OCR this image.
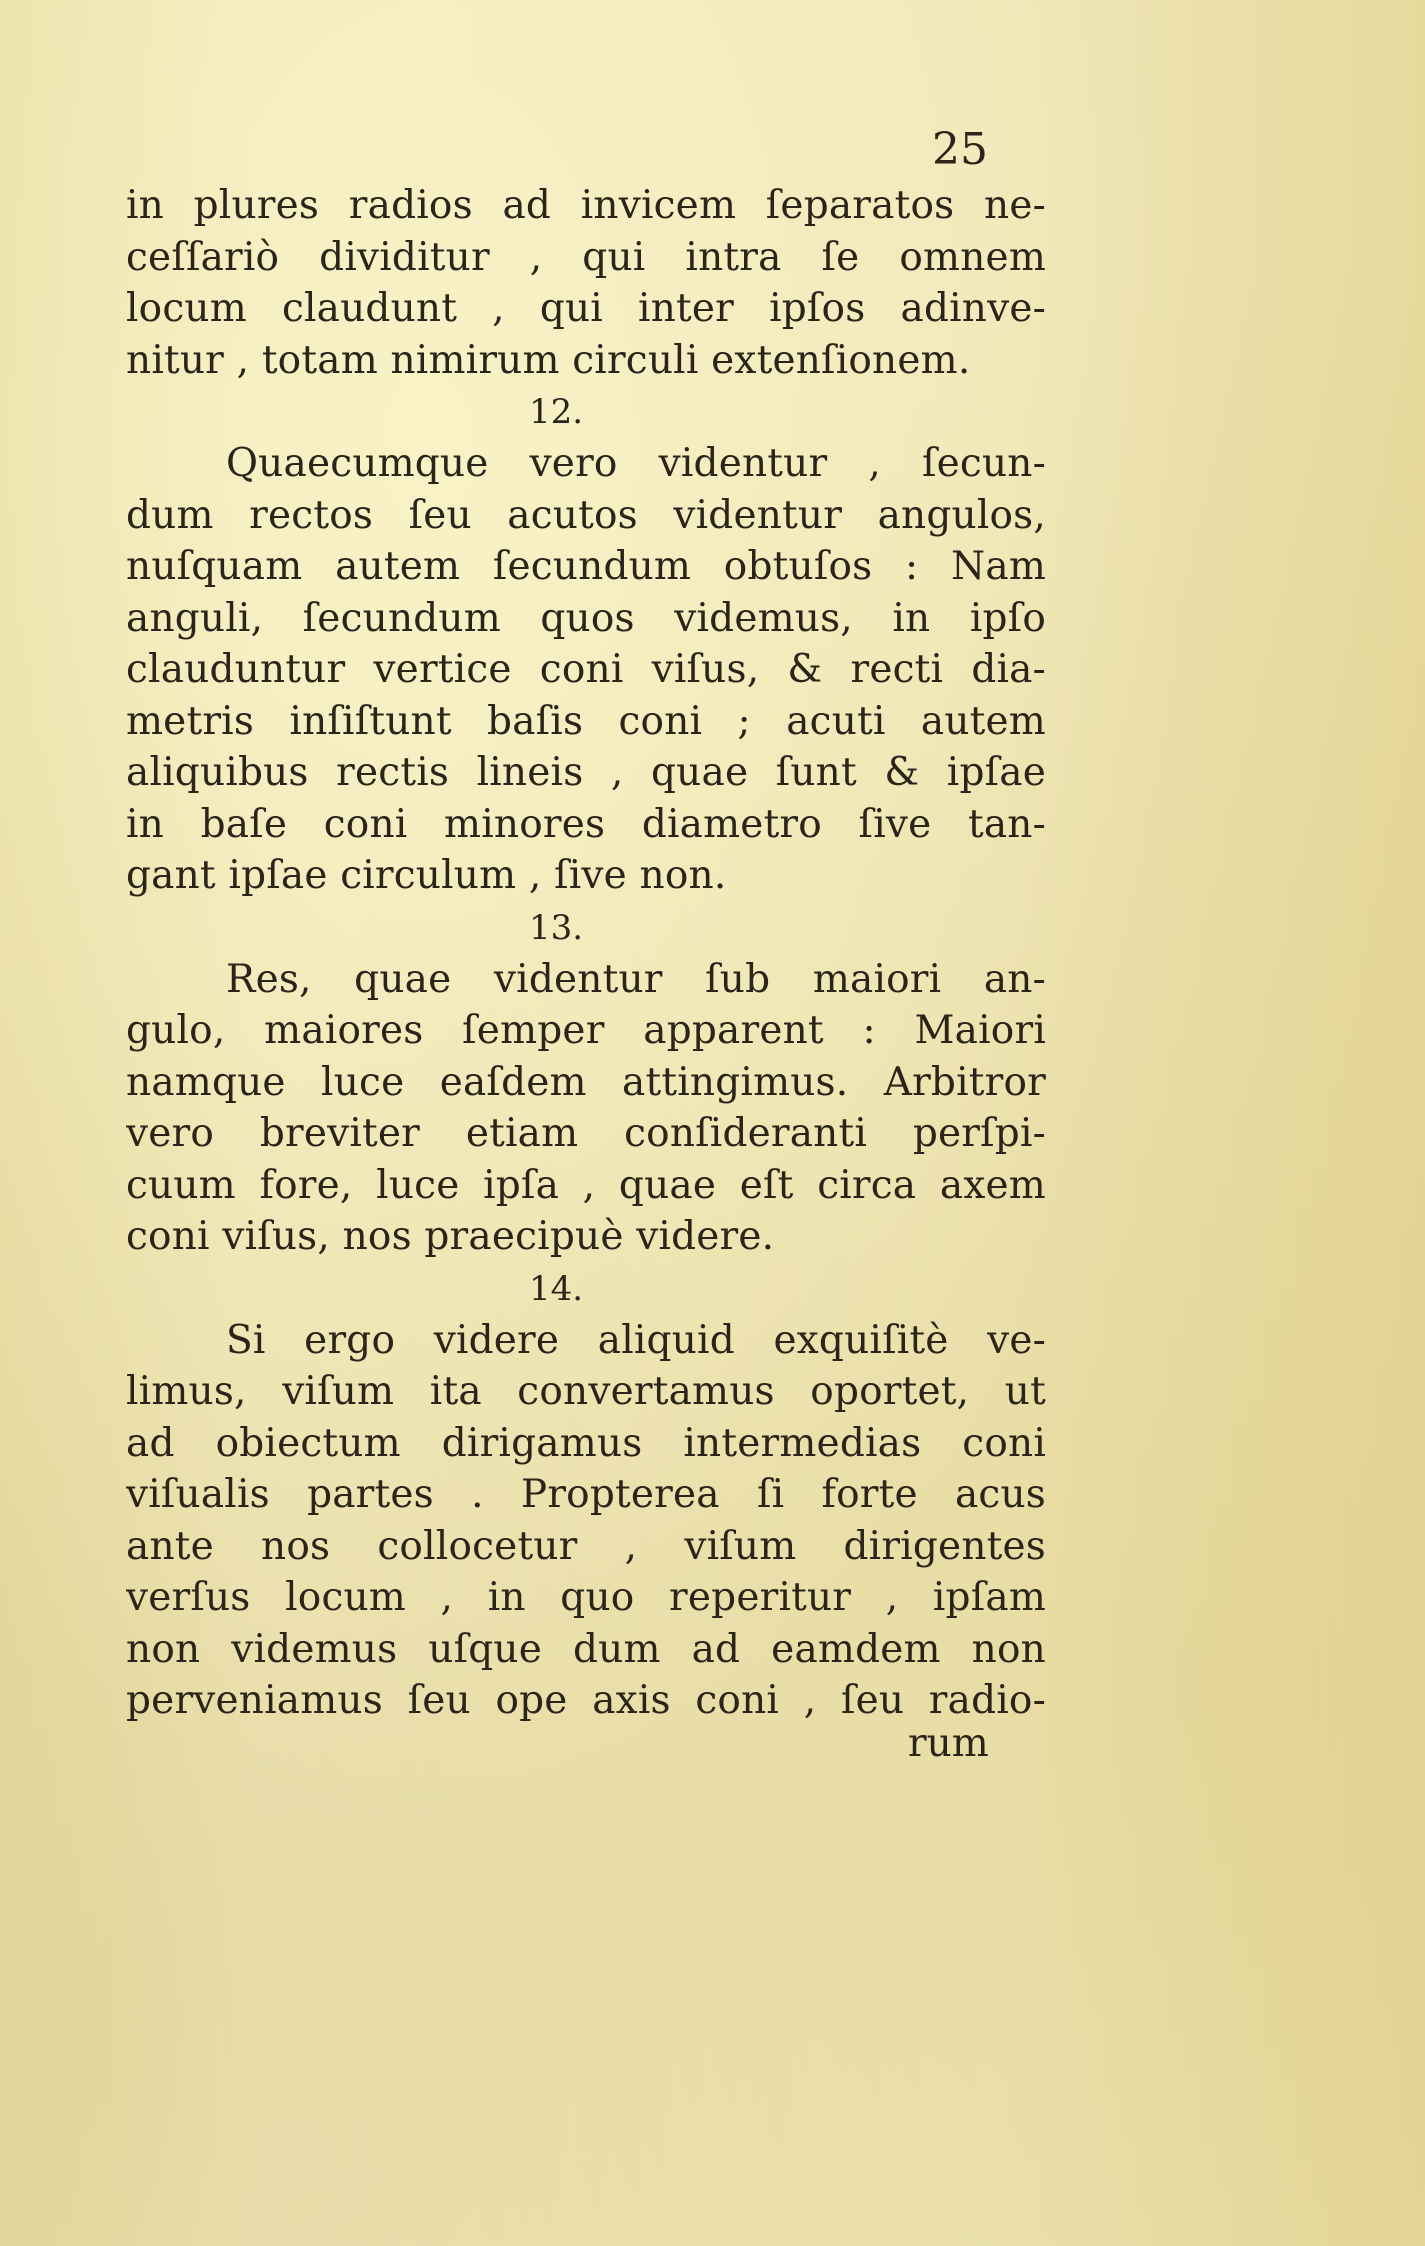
25

in plures radios ad invicem ſeparatos ne-
ceſſariò dividitur , qui intra ſe omnem
locum claudunt , qui inter ipſos adinve-
nitur , totam nimirum circuli extenſionem.

12.

Quaecumque vero videntur , ſecun-
dum rectos ſeu acutos videntur angulos,
nuſquam autem ſecundum obtuſos : Nam
anguli, ſecundum quos videmus, in ipſo
clauduntur vertice coni viſus, & recti dia-
metris inſiſtunt baſis coni ; acuti autem
aliquibus rectis lineis , quae ſunt & ipſae
in baſe coni minores diametro ſive tan-
gant ipſae circulum , ſive non.

13.

Res, quae videntur ſub maiori an-
gulo, maiores ſemper apparent : Maiori
namque luce eaſdem attingimus. Arbitror
vero breviter etiam conſideranti perſpi-
cuum fore, luce ipſa , quae eſt circa axem
coni viſus, nos praecipuè videre.

14.

Si ergo videre aliquid exquiſitè ve-
limus, viſum ita convertamus oportet, ut
ad obiectum dirigamus intermedias coni
viſualis partes . Propterea ſi forte acus
ante nos collocetur , viſum dirigentes
verſus locum , in quo reperitur , ipſam
non videmus uſque dum ad eamdem non
perveniamus ſeu ope axis coni , ſeu radio-

rum
